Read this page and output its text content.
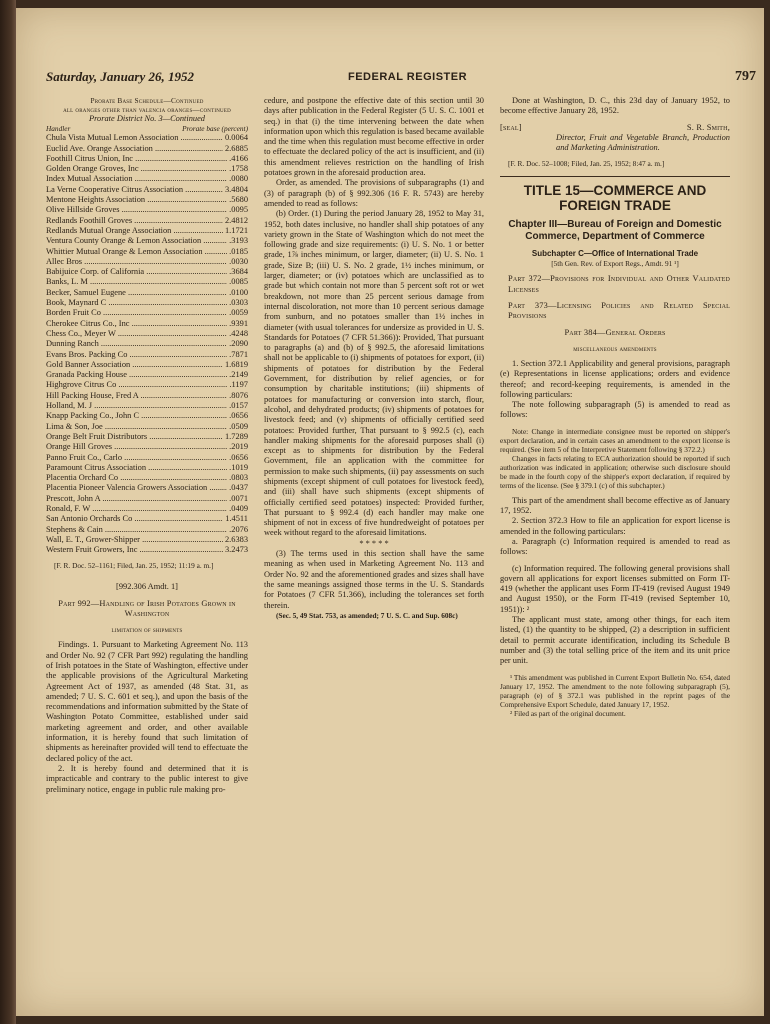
Saturday, January 26, 1952	FEDERAL REGISTER	797

Prorate Base Schedule—Continued

all oranges other than valencia oranges—continued

Prorate District No. 3—Continued

Handler	Prorate base (percent)
Chula Vista Mutual Lemon Association .....	0.0064
Euclid Ave. Orange Association .....	2.6885
Foothill Citrus Union, Inc .....	.4166
Golden Orange Groves, Inc .....	.1758
Index Mutual Association .....	.0080
La Verne Cooperative Citrus Association .....	3.4804
Mentone Heights Association .....	.5680
Olive Hillside Groves .....	.0095
Redlands Foothill Groves .....	2.4812
Redlands Mutual Orange Association .....	1.1721
Ventura County Orange & Lemon Association .....	.3193
Whittier Mutual Orange & Lemon Association .....	.0185
Allec Bros .....	.0030
Babijuice Corp. of California .....	.3684
Banks, L. M .....	.0085
Becker, Samuel Eugene .....	.0100
Book, Maynard C .....	.0303
Borden Fruit Co .....	.0059
Cherokee Citrus Co., Inc .....	.9391
Chess Co., Meyer W .....	.4248
Dunning Ranch .....	.2090
Evans Bros. Packing Co .....	.7871
Gold Banner Association .....	1.6819
Granada Packing House .....	.2149
Highgrove Citrus Co .....	.1197
Hill Packing House, Fred A .....	.8076
Holland, M. J .....	.0157
Knapp Packing Co., John C .....	.0656
Lima & Son, Joe .....	.0509
Orange Belt Fruit Distributors .....	1.7289
Orange Hill Groves .....	.2019
Panno Fruit Co., Carlo .....	.0656
Paramount Citrus Association .....	.1019
Placentia Orchard Co .....	.0803
Placentia Pioneer Valencia Growers Association .....	.0437
Prescott, John A .....	.0071
Ronald, F. W .....	.0409
San Antonio Orchards Co .....	1.4511
Stephens & Cain .....	.2076
Wall, E. T., Grower-Shipper .....	2.6383
Western Fruit Growers, Inc .....	3.2473

[F. R. Doc. 52–1161; Filed, Jan. 25, 1952; 11:19 a. m.]

[992.306 Amdt. 1]

Part 992—Handling of Irish Potatoes Grown in Washington

limitation of shipments

Findings. 1. Pursuant to Marketing Agreement No. 113 and Order No. 92 (7 CFR Part 992) regulating the handling of Irish potatoes in the State of Washington, effective under the applicable provisions of the Agricultural Marketing Agreement Act of 1937, as amended (48 Stat. 31, as amended; 7 U. S. C. 601 et seq.), and upon the basis of the recommendations and information submitted by the State of Washington Potato Committee, established under said marketing agreement and order, and other available information, it is hereby found that such limitation of shipments as hereinafter provided will tend to effectuate the declared policy of the act.

2. It is hereby found and determined that it is impracticable and contrary to the public interest to give preliminary notice, engage in public rule making pro-

cedure, and postpone the effective date of this section until 30 days after publication in the Federal Register (5 U. S. C. 1001 et seq.) in that (i) the time intervening between the date when information upon which this regulation is based became available and the time when this regulation must become effective in order to effectuate the declared policy of the act is insufficient, and (ii) this amendment relieves restriction on the handling of Irish potatoes grown in the aforesaid production area.

Order, as amended. The provisions of subparagraphs (1) and (3) of paragraph (b) of § 992.306 (16 F. R. 5743) are hereby amended to read as follows:

(b) Order. (1) During the period January 28, 1952 to May 31, 1952, both dates inclusive, no handler shall ship potatoes of any variety grown in the State of Washington which do not meet the following grade and size requirements: (i) U. S. No. 1 or better grade, 1⅞ inches minimum, or larger, diameter; (ii) U. S. No. 1 grade, Size B; (iii) U. S. No. 2 grade, 1½ inches minimum, or larger, diameter; or (iv) potatoes which are unclassified as to grade but which contain not more than 5 percent soft rot or wet breakdown, not more than 25 percent serious damage from internal discoloration, not more than 10 percent serious damage from sunburn, and no potatoes smaller than 1½ inches in diameter (with usual tolerances for undersize as provided in U. S. Standards for Potatoes (7 CFR 51.366)): Provided, That pursuant to paragraphs (a) and (b) of § 992.5, the aforesaid limitations shall not be applicable to (i) shipments of potatoes for export, (ii) shipments of potatoes for distribution by the Federal Government, for distribution by relief agencies, or for consumption by charitable institutions; (iii) shipments of potatoes for manufacturing or conversion into starch, flour, alcohol, and dehydrated products; (iv) shipments of potatoes for livestock feed; and (v) shipments of officially certified seed potatoes: Provided further, That pursuant to § 992.5 (c), each handler making shipments for the aforesaid purposes shall (i) except as to shipments for distribution by the Federal Government, file an application with the committee for permission to make such shipments, (ii) pay assessments on such shipments (except shipment of cull potatoes for livestock feed), and (iii) shall have such shipments (except shipments of officially certified seed potatoes) inspected: Provided further, That pursuant to § 992.4 (d) each handler may make one shipment of not in excess of five hundredweight of potatoes per week without regard to the aforesaid limitations.

* * * * *

(3) The terms used in this section shall have the same meaning as when used in Marketing Agreement No. 113 and Order No. 92 and the aforementioned grades and sizes shall have the same meanings assigned those terms in the U. S. Standards for Potatoes (7 CFR 51.366), including the tolerances set forth therein.

(Sec. 5, 49 Stat. 753, as amended; 7 U. S. C. and Sup. 608c)

Done at Washington, D. C., this 23d day of January 1952, to become effective January 28, 1952.

[seal]	S. R. Smith,

Director, Fruit and Vegetable Branch, Production and Marketing Administration.

[F. R. Doc. 52–1008; Filed, Jan. 25, 1952; 8:47 a. m.]

TITLE 15—COMMERCE AND FOREIGN TRADE

Chapter III—Bureau of Foreign and Domestic Commerce, Department of Commerce

Subchapter C—Office of International Trade

[5th Gen. Rev. of Export Regs., Amdt. 91 ¹]

Part 372—Provisions for Individual and Other Validated Licenses

Part 373—Licensing Policies and Related Special Provisions

Part 384—General Orders

miscellaneous amendments

1. Section 372.1 Applicability and general provisions, paragraph (e) Representations in license applications; orders and evidence thereof; and record-keeping requirements, is amended in the following particulars:

The note following subparagraph (5) is amended to read as follows:

Note: Change in intermediate consignee must be reported on shipper's export declaration, and in certain cases an amendment to the export license is required. (See item 5 of the Interpretive Statement following § 372.2.)

Changes in facts relating to ECA authorization should be reported if such authorization was indicated in application; otherwise such disclosure should be made in the fourth copy of the shipper's export declaration, if required by terms of the license. (See § 379.1 (c) of this subchapter.)

This part of the amendment shall become effective as of January 17, 1952.

2. Section 372.3 How to file an application for export license is amended in the following particulars:

a. Paragraph (c) Information required is amended to read as follows:

(c) Information required. The following general provisions shall govern all applications for export licenses submitted on Form IT-419 (whether the applicant uses Form IT-419 (revised August 1949 and August 1950), or the Form IT-419 (revised September 10, 1951)): ²

The applicant must state, among other things, for each item listed, (1) the quantity to be shipped, (2) a description in sufficient detail to permit accurate identification, including its Schedule B number and (3) the total selling price of the item and its unit price per unit.

¹ This amendment was published in Current Export Bulletin No. 654, dated January 17, 1952. The amendment to the note following subparagraph (5), paragraph (e) of § 372.1 was published in the reprint pages of the Comprehensive Export Schedule, dated January 17, 1952.

² Filed as part of the original document.
